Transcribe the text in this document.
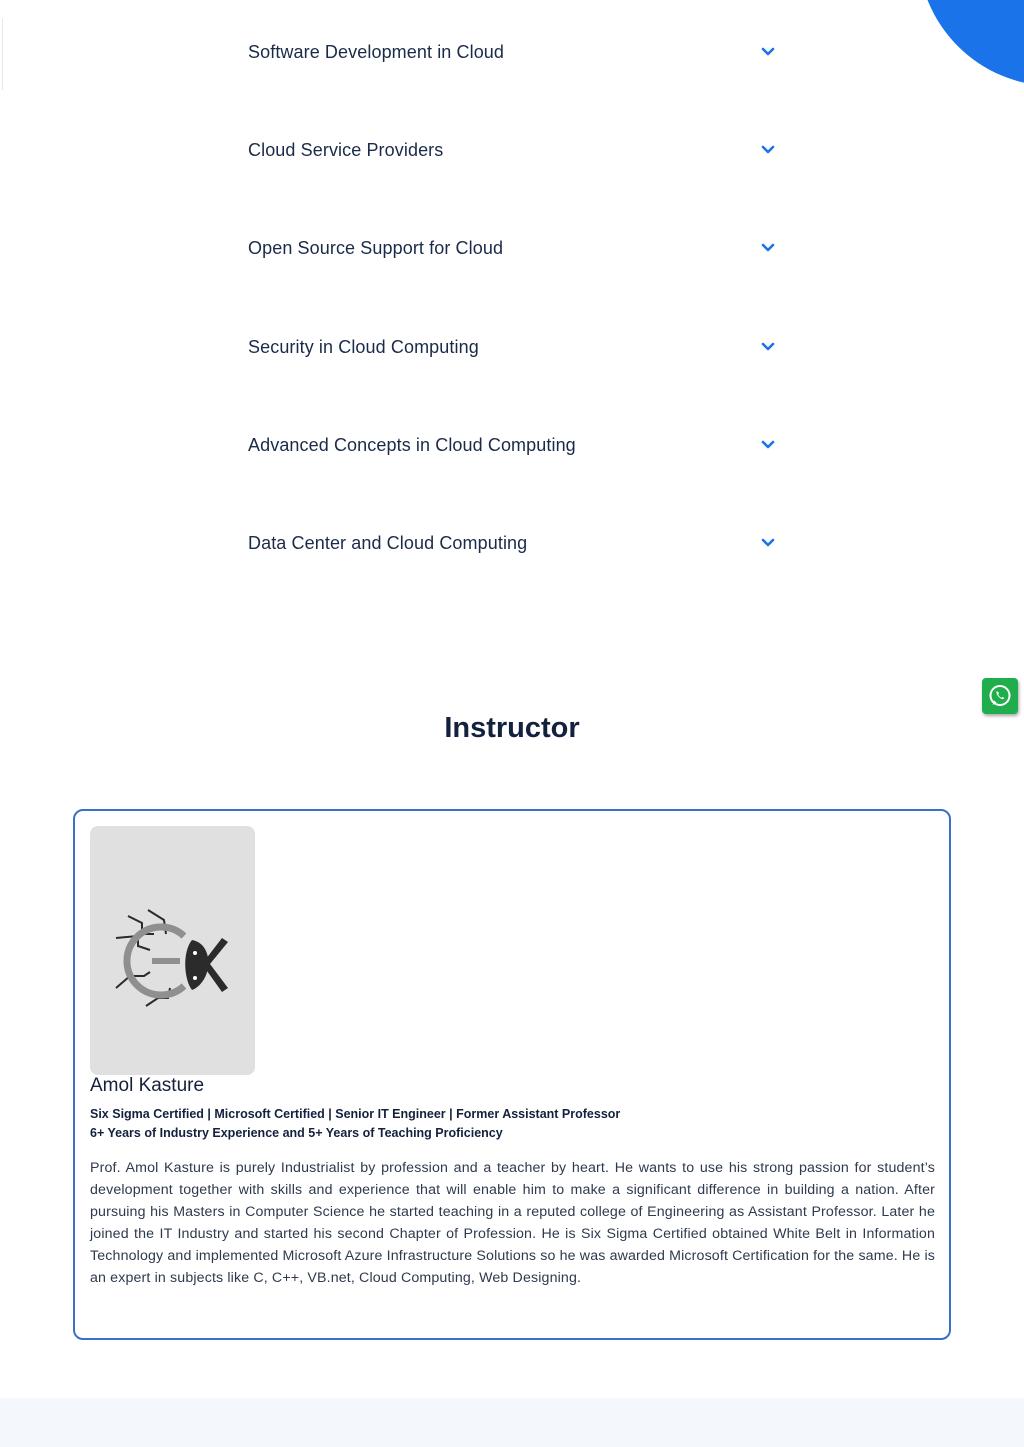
Software Development in Cloud
Cloud Service Providers
Open Source Support for Cloud
Security in Cloud Computing
Advanced Concepts in Cloud Computing
Data Center and Cloud Computing
Instructor
Amol Kasture
Six Sigma Certified | Microsoft Certified | Senior IT Engineer | Former Assistant Professor
6+ Years of Industry Experience and 5+ Years of Teaching Proficiency

Prof. Amol Kasture is purely Industrialist by profession and a teacher by heart. He wants to use his strong passion for student’s development together with skills and experience that will enable him to make a significant difference in building a nation. After pursuing his Masters in Computer Science he started teaching in a reputed college of Engineering as Assistant Professor. Later he joined the IT Industry and started his second Chapter of Profession. He is Six Sigma Certified obtained White Belt in Information Technology and implemented Microsoft Azure Infrastructure Solutions so he was awarded Microsoft Certification for the same. He is an expert in subjects like C, C++, VB.net, Cloud Computing, Web Designing.
